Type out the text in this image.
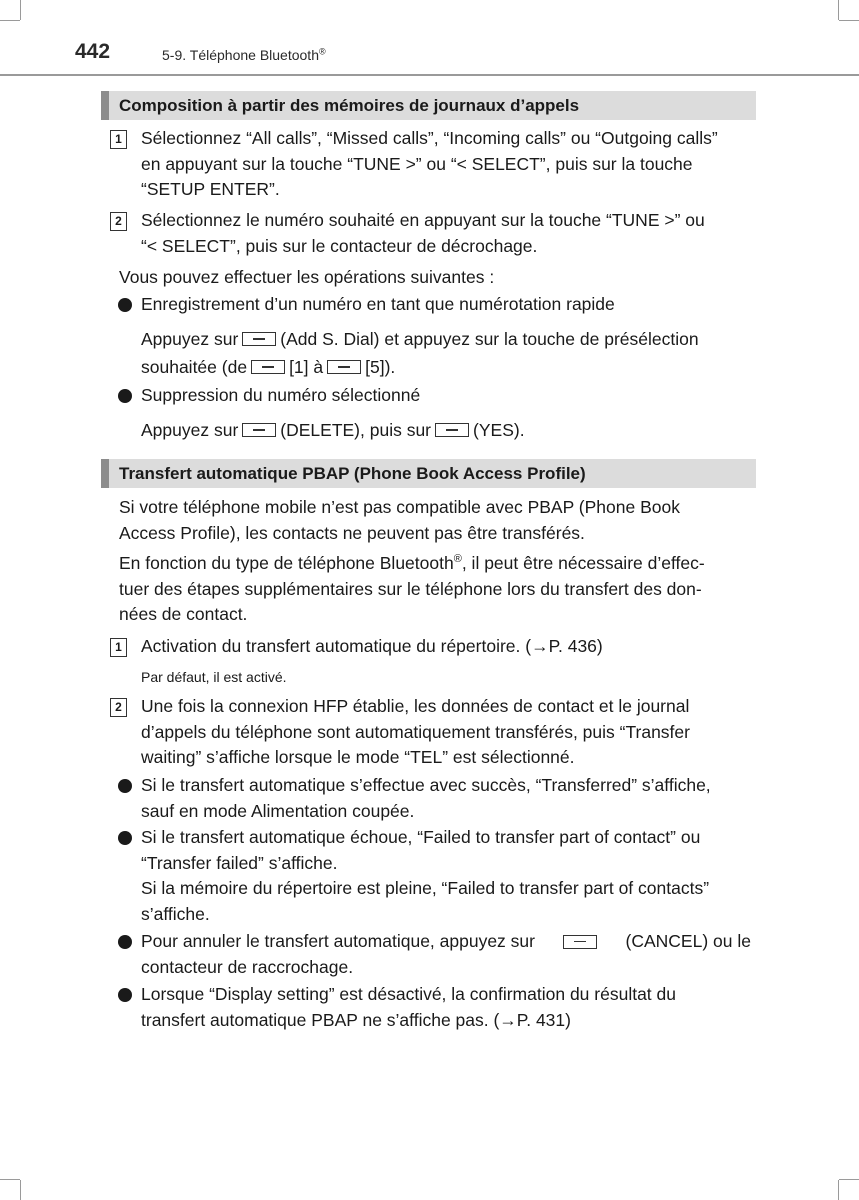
442	5-9. Téléphone Bluetooth®
Composition à partir des mémoires de journaux d’appels
1 Sélectionnez “All calls”, “Missed calls”, “Incoming calls” ou “Outgoing calls”
en appuyant sur la touche “TUNE >” ou “< SELECT”, puis sur la touche
“SETUP ENTER”.
2 Sélectionnez le numéro souhaité en appuyant sur la touche “TUNE >” ou
“< SELECT”, puis sur le contacteur de décrochage.
Vous pouvez effectuer les opérations suivantes :
Enregistrement d’un numéro en tant que numérotation rapide
Appuyez sur (Add S. Dial) et appuyez sur la touche de présélection
souhaitée (de [1] à [5]).
Suppression du numéro sélectionné
Appuyez sur (DELETE), puis sur (YES).
Transfert automatique PBAP (Phone Book Access Profile)
Si votre téléphone mobile n’est pas compatible avec PBAP (Phone Book
Access Profile), les contacts ne peuvent pas être transférés.
En fonction du type de téléphone Bluetooth®, il peut être nécessaire d’effec-
tuer des étapes supplémentaires sur le téléphone lors du transfert des don-
nées de contact.
1 Activation du transfert automatique du répertoire. (→P. 436)
Par défaut, il est activé.
2 Une fois la connexion HFP établie, les données de contact et le journal
d’appels du téléphone sont automatiquement transférés, puis “Transfer
waiting” s’affiche lorsque le mode “TEL” est sélectionné.
Si le transfert automatique s’effectue avec succès, “Transferred” s’affiche,
sauf en mode Alimentation coupée.
Si le transfert automatique échoue, “Failed to transfer part of contact” ou
“Transfer failed” s’affiche.
Si la mémoire du répertoire est pleine, “Failed to transfer part of contacts”
s’affiche.
Pour annuler le transfert automatique, appuyez sur	(CANCEL) ou le
contacteur de raccrochage.
Lorsque “Display setting” est désactivé, la confirmation du résultat du
transfert automatique PBAP ne s’affiche pas. (→P. 431)
